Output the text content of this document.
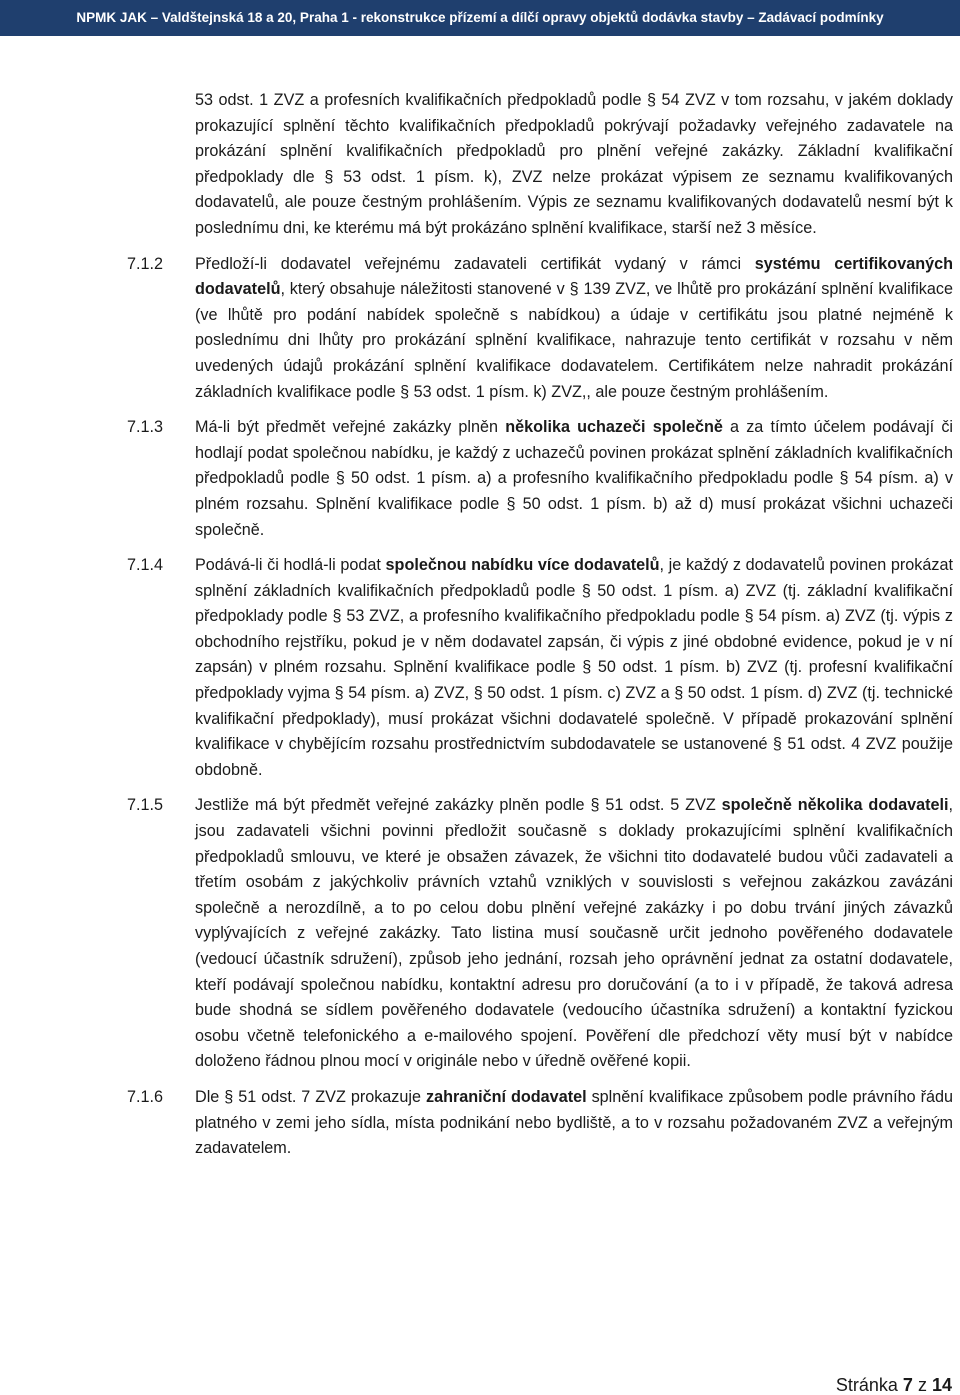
NPMK JAK – Valdštejnská 18 a 20, Praha 1 - rekonstrukce přízemí a dílčí opravy objektů dodávka stavby – Zadávací podmínky

53 odst. 1 ZVZ a profesních kvalifikačních předpokladů podle § 54 ZVZ v tom rozsahu, v jakém doklady prokazující splnění těchto kvalifikačních předpokladů pokrývají požadavky veřejného zadavatele na prokázání splnění kvalifikačních předpokladů pro plnění veřejné zakázky. Základní kvalifikační předpoklady dle § 53 odst. 1 písm. k), ZVZ nelze prokázat výpisem ze seznamu kvalifikovaných dodavatelů, ale pouze čestným prohlášením. Výpis ze seznamu kvalifikovaných dodavatelů nesmí být k poslednímu dni, ke kterému má být prokázáno splnění kvalifikace, starší než 3 měsíce.

7.1.2	Předloží-li dodavatel veřejnému zadavateli certifikát vydaný v rámci systému certifikovaných dodavatelů, který obsahuje náležitosti stanovené v § 139 ZVZ, ve lhůtě pro prokázání splnění kvalifikace (ve lhůtě pro podání nabídek společně s nabídkou) a údaje v certifikátu jsou platné nejméně k poslednímu dni lhůty pro prokázání splnění kvalifikace, nahrazuje tento certifikát v rozsahu v něm uvedených údajů prokázání splnění kvalifikace dodavatelem. Certifikátem nelze nahradit prokázání základních kvalifikace podle § 53 odst. 1 písm. k) ZVZ,, ale pouze čestným prohlášením.

7.1.3	Má-li být předmět veřejné zakázky plněn několika uchazeči společně a za tímto účelem podávají či hodlají podat společnou nabídku, je každý z uchazečů povinen prokázat splnění základních kvalifikačních předpokladů podle § 50 odst. 1 písm. a) a profesního kvalifikačního předpokladu podle § 54 písm. a) v plném rozsahu. Splnění kvalifikace podle § 50 odst. 1 písm. b) až d) musí prokázat všichni uchazeči společně.

7.1.4	Podává-li či hodlá-li podat společnou nabídku více dodavatelů, je každý z dodavatelů povinen prokázat splnění základních kvalifikačních předpokladů podle § 50 odst. 1 písm. a) ZVZ (tj. základní kvalifikační předpoklady podle § 53 ZVZ, a profesního kvalifikačního předpokladu podle § 54 písm. a) ZVZ (tj. výpis z obchodního rejstříku, pokud je v něm dodavatel zapsán, či výpis z jiné obdobné evidence, pokud je v ní zapsán) v plném rozsahu. Splnění kvalifikace podle § 50 odst. 1 písm. b) ZVZ (tj. profesní kvalifikační předpoklady vyjma § 54 písm. a) ZVZ, § 50 odst. 1 písm. c) ZVZ a § 50 odst. 1 písm. d) ZVZ (tj. technické kvalifikační předpoklady), musí prokázat všichni dodavatelé společně. V případě prokazování splnění kvalifikace v chybějícím rozsahu prostřednictvím subdodavatele se ustanovené § 51 odst. 4 ZVZ použije obdobně.

7.1.5	Jestliže má být předmět veřejné zakázky plněn podle § 51 odst. 5 ZVZ společně několika dodavateli, jsou zadavateli všichni povinni předložit současně s doklady prokazujícími splnění kvalifikačních předpokladů smlouvu, ve které je obsažen závazek, že všichni tito dodavatelé budou vůči zadavateli a třetím osobám z jakýchkoliv právních vztahů vzniklých v souvislosti s veřejnou zakázkou zavázáni společně a nerozdílně, a to po celou dobu plnění veřejné zakázky i po dobu trvání jiných závazků vyplývajících z veřejné zakázky. Tato listina musí současně určit jednoho pověřeného dodavatele (vedoucí účastník sdružení), způsob jeho jednání, rozsah jeho oprávnění jednat za ostatní dodavatele, kteří podávají společnou nabídku, kontaktní adresu pro doručování (a to i v případě, že taková adresa bude shodná se sídlem pověřeného dodavatele (vedoucího účastníka sdružení) a kontaktní fyzickou osobu včetně telefonického a e-mailového spojení. Pověření dle předchozí věty musí být v nabídce doloženo řádnou plnou mocí v originále nebo v úředně ověřené kopii.

7.1.6	Dle § 51 odst. 7 ZVZ prokazuje zahraniční dodavatel splnění kvalifikace způsobem podle právního řádu platného v zemi jeho sídla, místa podnikání nebo bydliště, a to v rozsahu požadovaném ZVZ a veřejným zadavatelem.

Stránka 7 z 14
